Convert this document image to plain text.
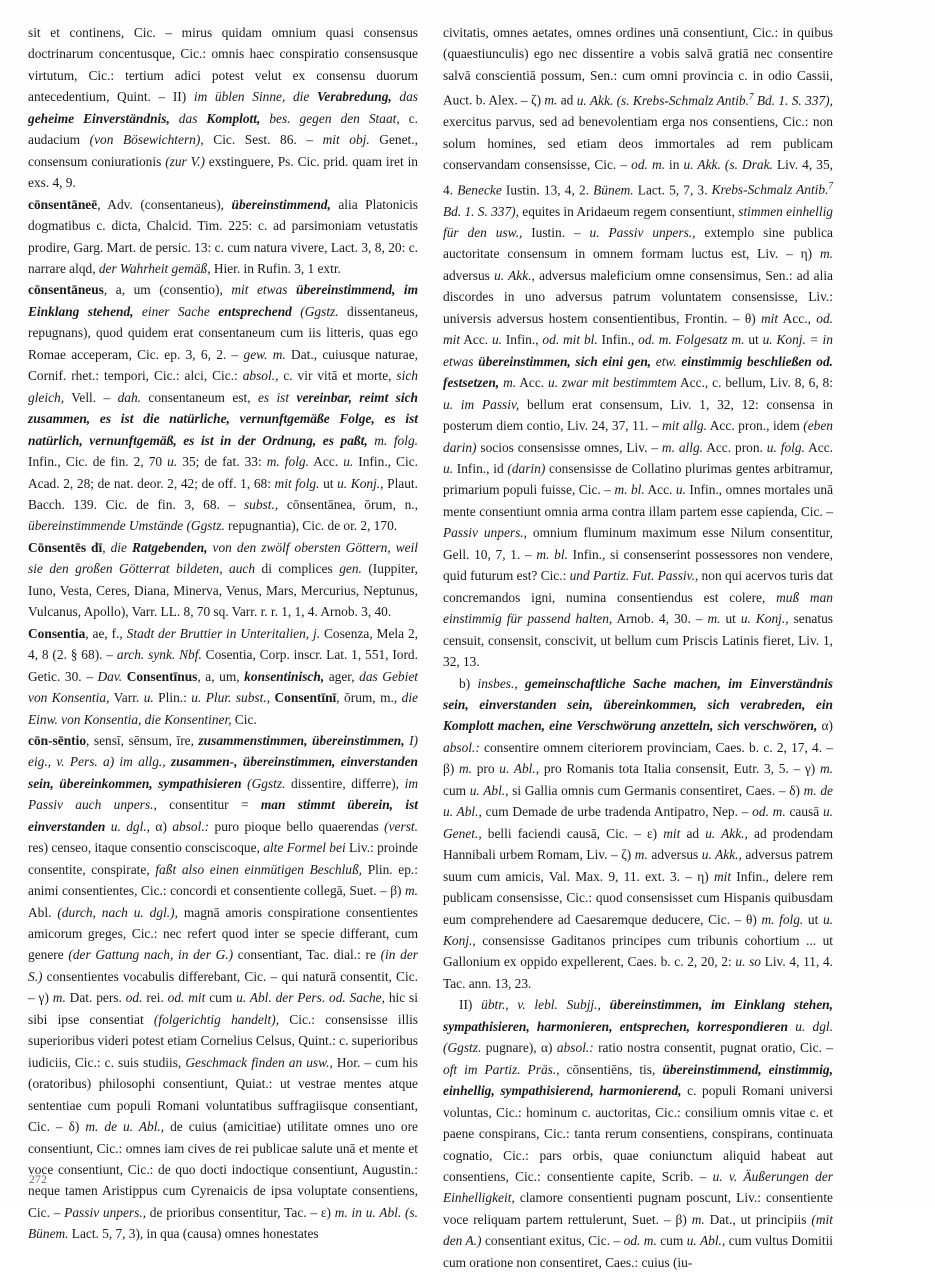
sit et continens, Cic. – mirus quidam omnium quasi consensus doctrinarum concentusque, Cic.: omnis haec conspiratio consensusque virtutum, Cic.: tertium adici potest velut ex consensu duorum antecedentium, Quint. – II) im üblen Sinne, die Verabredung, das geheime Einverständnis, das Komplott, bes. gegen den Staat, c. audacium (von Bösewichtern), Cic. Sest. 86. – mit obj. Genet., consensum coniurationis (zur V.) exstinguere, Ps. Cic. prid. quam iret in exs. 4, 9.

cōnsentāneē, Adv. (consentaneus), übereinstimmend, alia Platonicis dogmatibus c. dicta, Chalcid. Tim. 225: c. ad parsimoniam vetustatis prodire, Garg. Mart. de persic. 13: c. cum natura vivere, Lact. 3, 8, 20: c. narrare alqd, der Wahrheit gemäß, Hier. in Rufin. 3, 1 extr.

cōnsentāneus, a, um (consentio), mit etwas übereinstimmend, im Einklang stehend, einer Sache entsprechend (Ggstz. dissentaneus, repugnans), quod quidem erat consentaneum cum iis litteris, quas ego Romae acceperam, Cic. ep. 3, 6, 2. – gew. m. Dat., cuiusque naturae, Cornif. rhet.: tempori, Cic.: alci, Cic.: absol., c. vir vitā et morte, sich gleich, Vell. – dah. consentaneum est, es ist vereinbar, reimt sich zusammen, es ist die natürliche, vernunftgemäße Folge, es ist natürlich, vernunftgemäß, es ist in der Ordnung, es paßt, m. folg. Infin., Cic. de fin. 2, 70 u. 35; de fat. 33: m. folg. Acc. u. Infin., Cic. Acad. 2, 28; de nat. deor. 2, 42; de off. 1, 68: mit folg. ut u. Konj., Plaut. Bacch. 139. Cic. de fin. 3, 68. – subst., cōnsentānea, ōrum, n., übereinstimmende Umstände (Ggstz. repugnantia), Cic. de or. 2, 170.

Cōnsentēs dī, die Ratgebenden, von den zwölf obersten Göttern, weil sie den großen Götterrat bildeten, auch di complices gen. (Iuppiter, Iuno, Vesta, Ceres, Diana, Minerva, Venus, Mars, Mercurius, Neptunus, Vulcanus, Apollo), Varr. LL. 8, 70 sq. Varr. r. r. 1, 1, 4. Arnob. 3, 40.

Consentia, ae, f., Stadt der Bruttier in Unteritalien, j. Cosenza, Mela 2, 4, 8 (2. § 68). – arch. synk. Nbf. Cosentia, Corp. inscr. Lat. 1, 551, Iord. Getic. 30. – Dav. Consentīnus, a, um, konsentinisch, ager, das Gebiet von Konsentia, Varr. u. Plin.: u. Plur. subst., Consentīnī, ōrum, m., die Einw. von Konsentia, die Konsentiner, Cic.

cōn-sēntio, sensī, sēnsum, īre, zusammenstimmen, übereinstimmen, I) eig., v. Pers. a) im allg., zusammen-, übereinstimmen, einverstanden sein, übereinkommen, sympathisieren (Ggstz. dissentire, differre), im Passiv auch unpers., consentitur = man stimmt überein, ist einverstanden u. dgl., α) absol.: puro pioque bello quaerendas (verst. res) censeo, itaque consentio consciscoque, alte Formel bei Liv.: proinde consentite, conspirate, faßt also einen einmütigen Beschluß, Plin. ep.: animi consentientes, Cic.: concordi et consentiente collegā, Suet. – β) m. Abl. (durch, nach u. dgl.), magnā amoris conspiratione consentientes amicorum greges, Cic.: nec refert quod inter se specie differant, cum genere (der Gattung nach, in der G.) consentiant, Tac. dial.: re (in der S.) consentientes vocabulis differebant, Cic. – qui naturā consentit, Cic. – γ) m. Dat. pers. od. rei. od. mit cum u. Abl. der Pers. od. Sache, hic si sibi ipse consentiat (folgerichtig handelt), Cic.: consensisse illis superioribus videri potest etiam Cornelius Celsus, Quint.: c. superioribus iudiciis, Cic.: c. suis studiis, Geschmack finden an usw., Hor. – cum his (oratoribus) philosophi consentiunt, Quiat.: ut vestrae mentes atque sententiae cum populi Romani voluntatibus suffragiisque consentiant, Cic. – δ) m. de u. Abl., de cuius (amicitiae) utilitate omnes uno ore consentiunt, Cic.: omnes iam cives de rei publicae salute unā et mente et voce consentiunt, Cic.: de quo docti indoctique consentiunt, Augustin.: neque tamen Aristippus cum Cyrenaicis de ipsa voluptate consentiens, Cic. – Passiv unpers., de prioribus consentitur, Tac. – ε) m. in u. Abl. (s. Bünem. Lact. 5, 7, 3), in qua (causa) omnes honestates

civitatis, omnes aetates, omnes ordines unā consentiunt, Cic.: in quibus (quaestiunculis) ego nec dissentire a vobis salvā gratiā nec consentire salvā conscientiā possum, Sen.: cum omni provincia c. in odio Cassii, Auct. b. Alex. – ζ) m. ad u. Akk. (s. Krebs-Schmalz Antib.$^7$ Bd. 1. S. 337), exercitus parvus, sed ad benevolentiam erga nos consentiens, Cic.: non solum homines, sed etiam deos immortales ad rem publicam conservandam consensisse, Cic. – od. m. in u. Akk. (s. Drak. Liv. 4, 35, 4. Benecke Iustin. 13, 4, 2. Bünem. Lact. 5, 7, 3. Krebs-Schmalz Antib.$^7$ Bd. 1. S. 337), equites in Aridaeum regem consentiunt, stimmen einhellig für den usw., Iustin. – u. Passiv unpers., extemplo sine publica auctoritate consensum in omnem formam luctus est, Liv. – η) m. adversus u. Akk., adversus maleficium omne consensimus, Sen.: ad alia discordes in uno adversus patrum voluntatem consensisse, Liv.: universis adversus hostem consentientibus, Frontin. – θ) mit Acc., od. mit Acc. u. Infin., od. mit bl. Infin., od. m. Folgesatz m. ut u. Konj. = in etwas übereinstimmen, sich eini gen, etw. einstimmig beschließen od. festsetzen, m. Acc. u. zwar mit bestimmtem Acc., c. bellum, Liv. 8, 6, 8: u. im Passiv, bellum erat consensum, Liv. 1, 32, 12: consensa in posterum diem contio, Liv. 24, 37, 11. – mit allg. Acc. pron., idem (eben darin) socios consensisse omnes, Liv. – m. allg. Acc. pron. u. folg. Acc. u. Infin., id (darin) consensisse de Collatino plurimas gentes arbitramur, primarium populi fuisse, Cic. – m. bl. Acc. u. Infin., omnes mortales unā mente consentiunt omnia arma contra illam partem esse capienda, Cic. – Passiv unpers., omnium fluminum maximum esse Nilum consentitur, Gell. 10, 7, 1. – m. bl. Infin., si consenserint possessores non vendere, quid futurum est? Cic.: und Partiz. Fut. Passiv., non qui acervos turis dat concremandos igni, numina consentiendus est colere, muß man einstimmig für passend halten, Arnob. 4, 30. – m. ut u. Konj., senatus censuit, consensit, conscivit, ut bellum cum Priscis Latinis fieret, Liv. 1, 32, 13.

b) insbes., gemeinschaftliche Sache machen, im Einverständnis sein, einverstanden sein, übereinkommen, sich verabreden, ein Komplott machen, eine Verschwörung anzetteln, sich verschwören, α) absol.: consentire omnem citeriorem provinciam, Caes. b. c. 2, 17, 4. – β) m. pro u. Abl., pro Romanis tota Italia consensit, Eutr. 3, 5. – γ) m. cum u. Abl., si Gallia omnis cum Germanis consentiret, Caes. – δ) m. de u. Abl., cum Demade de urbe tradenda Antipatro, Nep. – od. m. causā u. Genet., belli faciendi causā, Cic. – ε) mit ad u. Akk., ad prodendam Hannibali urbem Romam, Liv. – ζ) m. adversus u. Akk., adversus patrem suum cum amicis, Val. Max. 9, 11. ext. 3. – η) mit Infin., delere rem publicam consensisse, Cic.: quod consensisset cum Hispanis quibusdam eum comprehendere ad Caesaremque deducere, Cic. – θ) m. folg. ut u. Konj., consensisse Gaditanos principes cum tribunis cohortium ... ut Gallonium ex oppido expellerent, Caes. b. c. 2, 20, 2: u. so Liv. 4, 11, 4. Tac. ann. 13, 23.

II) übtr., v. lebl. Subjj., übereinstimmen, im Einklang stehen, sympathisieren, harmonieren, entsprechen, korrespondieren u. dgl. (Ggstz. pugnare), α) absol.: ratio nostra consentit, pugnat oratio, Cic. – oft im Partiz. Präs., cōnsentiēns, tis, übereinstimmend, einstimmig, einhellig, sympathisierend, harmonierend, c. populi Romani universi voluntas, Cic.: hominum c. auctoritas, Cic.: consilium omnis vitae c. et paene conspirans, Cic.: tanta rerum consentiens, conspirans, continuata cognatio, Cic.: pars orbis, quae coniunctum aliquid habeat aut consentiens, Cic.: consentiente capite, Scrib. – u. v. Äußerungen der Einhelligkeit, clamore consentienti pugnam poscunt, Liv.: consentiente voce reliquam partem rettulerunt, Suet. – β) m. Dat., ut principiis (mit den A.) consentiant exitus, Cic. – od. m. cum u. Abl., cum vultus Domitii cum oratione non consentiret, Caes.: cuius (iu-

272
